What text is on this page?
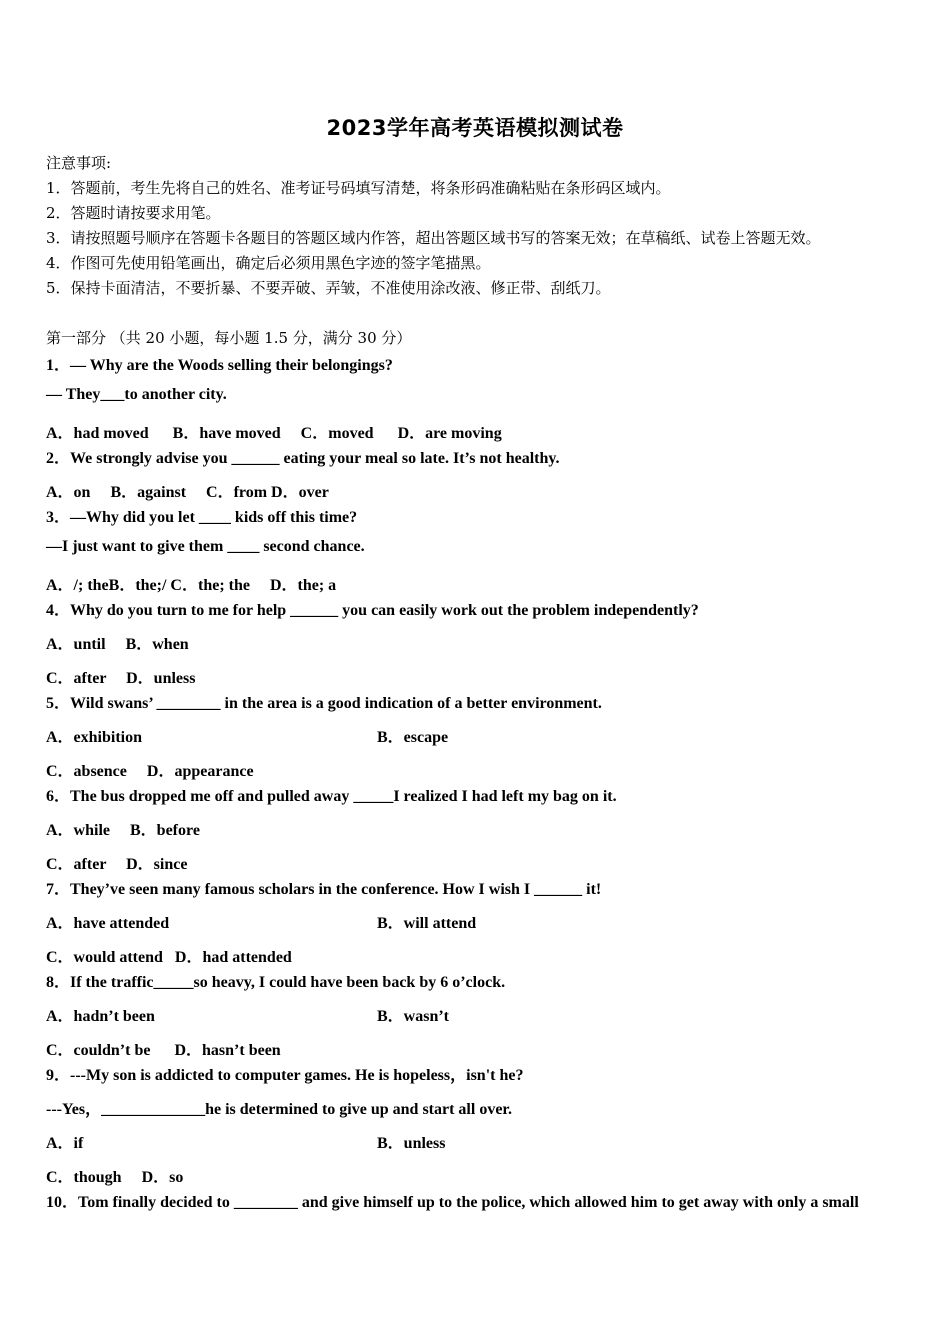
2023学年高考英语模拟测试卷
注意事项:
1．答题前，考生先将自己的姓名、准考证号码填写清楚，将条形码准确粘贴在条形码区域内。
2．答题时请按要求用笔。
3．请按照题号顺序在答题卡各题目的答题区域内作答，超出答题区域书写的答案无效；在草稿纸、试卷上答题无效。
4．作图可先使用铅笔画出，确定后必须用黑色字迹的签字笔描黑。
5．保持卡面清洁，不要折暴、不要弄破、弄皱，不准使用涂改液、修正带、刮纸刀。
第一部分 （共 20 小题，每小题 1.5 分，满分 30 分）
1．— Why are the Woods selling their belongings?
— They___to another city.
A．had moved      B．have moved     C．moved      D．are moving
2．We strongly advise you ______ eating your meal so late. It’s not healthy.
A．on     B．against     C．from D．over
3．—Why did you let ____ kids off this time?
—I just want to give them ____ second chance.
A．/; theB．the;/ C．the; the     D．the; a
4．Why do you turn to me for help ______ you can easily work out the problem independently?
A．until     B．when
C．after     D．unless
5．Wild swans’ ________ in the area is a good indication of a better environment.
A．exhibition	B．escape
C．absence     D．appearance
6．The bus dropped me off and pulled away _____I realized I had left my bag on it.
A．while     B．before
C．after     D．since
7．They’ve seen many famous scholars in the conference. How I wish I ______ it!
A．have attended	B．will attend
C．would attend   D．had attended
8．If the traffic_____so heavy, I could have been back by 6 o’clock.
A．hadn’t been	B．wasn’t
C．couldn’t be      D．hasn’t been
9．---My son is addicted to computer games. He is hopeless，isn't he?
---Yes，_____________he is determined to give up and start all over.
A．if	B．unless
C．though     D．so
10．Tom finally decided to ________ and give himself up to the police, which allowed him to get away with only a small
